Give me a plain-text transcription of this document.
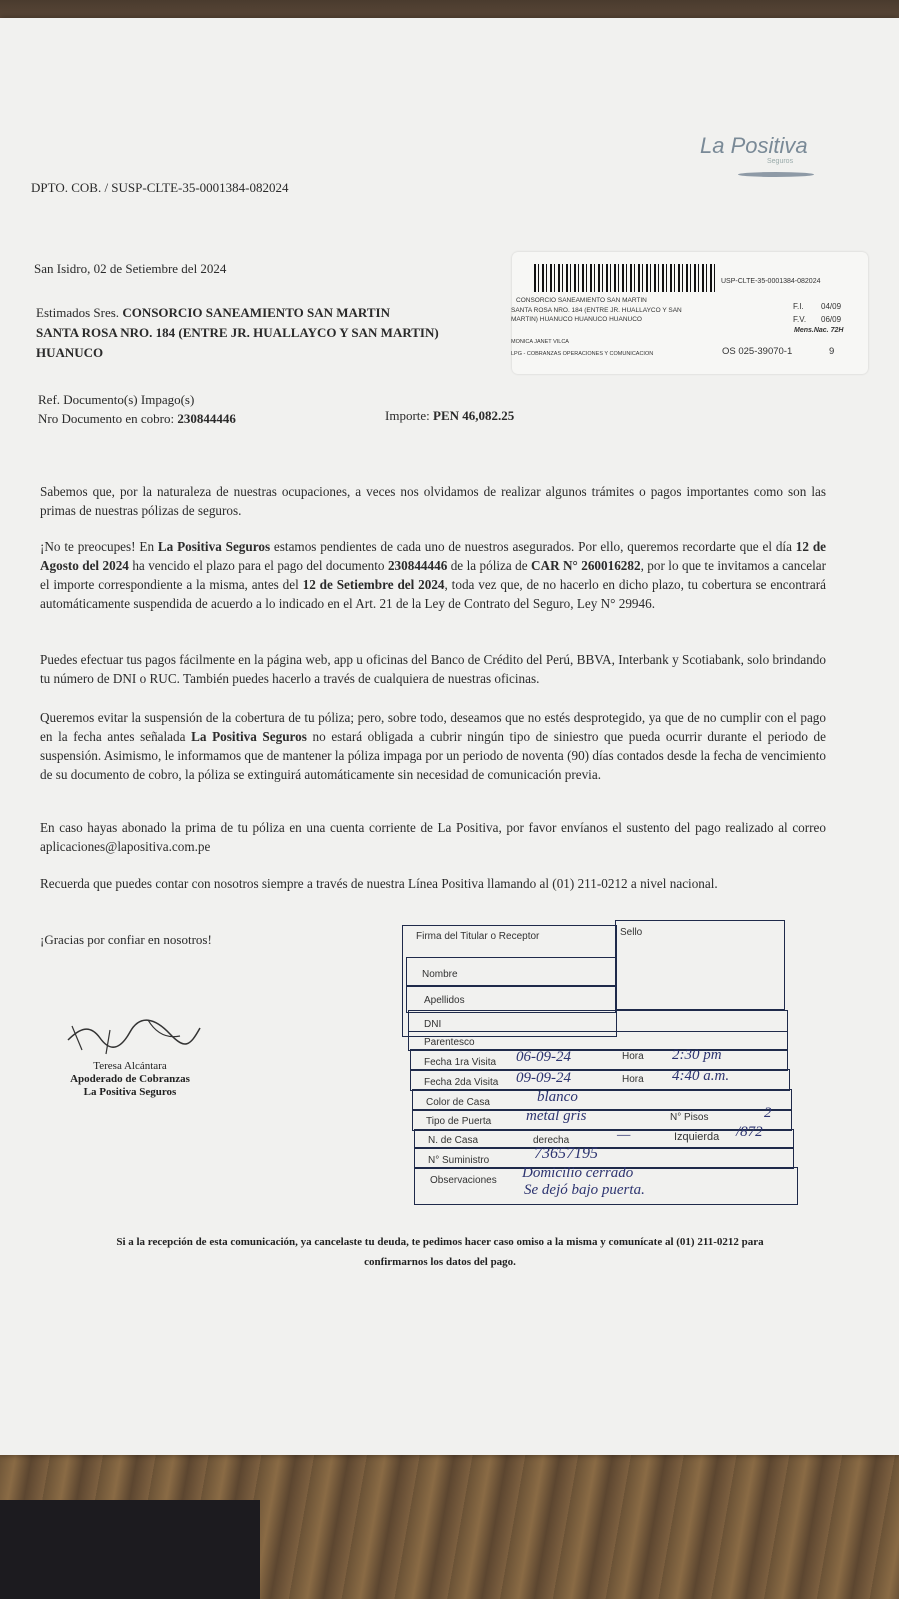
DPTO. COB. / SUSP-CLTE-35-0001384-082024
La Positiva
Seguros
San Isidro, 02 de Setiembre del 2024
Estimados Sres. CONSORCIO SANEAMIENTO SAN MARTIN
SANTA ROSA NRO. 184 (ENTRE JR. HUALLAYCO Y SAN MARTIN)
HUANUCO
USP-CLTE-35-0001384-082024
CONSORCIO SANEAMIENTO SAN MARTIN
SANTA ROSA NRO. 184 (ENTRE JR. HUALLAYCO Y SAN
MARTIN) HUANUCO HUANUCO HUANUCO
F.I. 04/09
F.V. 06/09
Mens.Nac. 72H
MONICA JANET VILCA
LPG - COBRANZAS OPERACIONES Y COMUNICACION	OS 025-39070-1	9
Ref. Documento(s) Impago(s)
Nro Documento en cobro: 230844446	Importe: PEN 46,082.25
Sabemos que, por la naturaleza de nuestras ocupaciones, a veces nos olvidamos de realizar algunos trámites o pagos importantes como son las primas de nuestras pólizas de seguros.
¡No te preocupes! En La Positiva Seguros estamos pendientes de cada uno de nuestros asegurados. Por ello, queremos recordarte que el día 12 de Agosto del 2024 ha vencido el plazo para el pago del documento 230844446 de la póliza de CAR N° 260016282, por lo que te invitamos a cancelar el importe correspondiente a la misma, antes del 12 de Setiembre del 2024, toda vez que, de no hacerlo en dicho plazo, tu cobertura se encontrará automáticamente suspendida de acuerdo a lo indicado en el Art. 21 de la Ley de Contrato del Seguro, Ley N° 29946.
Puedes efectuar tus pagos fácilmente en la página web, app u oficinas del Banco de Crédito del Perú, BBVA, Interbank y Scotiabank, solo brindando tu número de DNI o RUC. También puedes hacerlo a través de cualquiera de nuestras oficinas.
Queremos evitar la suspensión de la cobertura de tu póliza; pero, sobre todo, deseamos que no estés desprotegido, ya que de no cumplir con el pago en la fecha antes señalada La Positiva Seguros no estará obligada a cubrir ningún tipo de siniestro que pueda ocurrir durante el periodo de suspensión. Asimismo, le informamos que de mantener la póliza impaga por un periodo de noventa (90) días contados desde la fecha de vencimiento de su documento de cobro, la póliza se extinguirá automáticamente sin necesidad de comunicación previa.
En caso hayas abonado la prima de tu póliza en una cuenta corriente de La Positiva, por favor envíanos el sustento del pago realizado al correo aplicaciones@lapositiva.com.pe
Recuerda que puedes contar con nosotros siempre a través de nuestra Línea Positiva llamando al (01) 211-0212 a nivel nacional.
¡Gracias por confiar en nosotros!
Teresa Alcántara
Apoderado de Cobranzas
La Positiva Seguros
Firma del Titular o Receptor	Sello
Nombre
Apellidos
DNI
Parentesco
Fecha 1ra Visita 06-09-24	Hora 2:30 pm
Fecha 2da Visita 09-09-24	Hora 4:40 a.m.
Color de Casa	blanco
Tipo de Puerta metal gris	N° Pisos	2
N. de Casa	derecha	—	Izquierda /872
N° Suministro	73657195
Observaciones Domicilio cerrado
Se dejó bajo puerta.
Si a la recepción de esta comunicación, ya cancelaste tu deuda, te pedimos hacer caso omiso a la misma y comunícate al (01) 211-0212 para
confirmarnos los datos del pago.
